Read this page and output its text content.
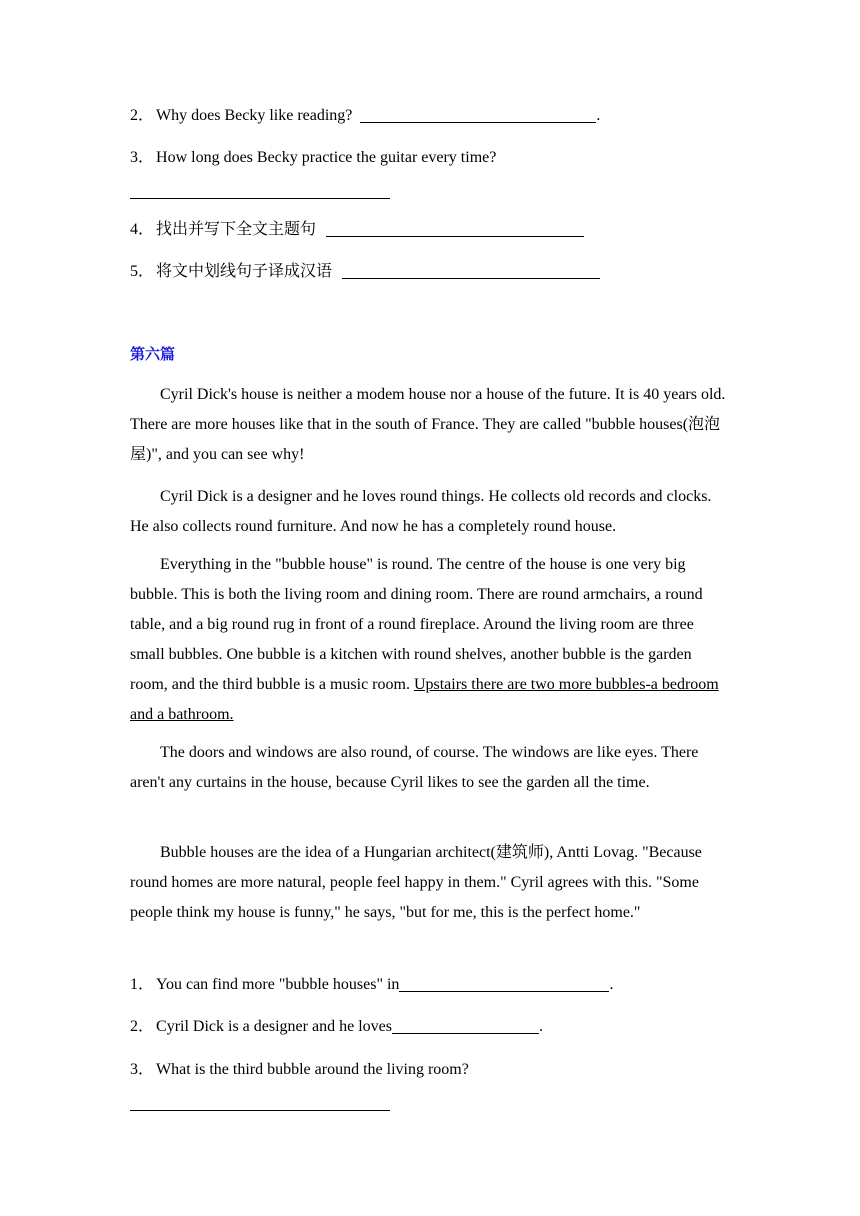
2． Why does Becky like reading?	.
3． How long does Becky practice the guitar every time?
4． 找出并写下全文主题句
5． 将文中划线句子译成汉语
第六篇

Cyril Dick's house is neither a modem house nor a house of the future. It is 40 years old. There are more houses like that in the south of France. They are called "bubble houses(泡泡屋)", and you can see why!

Cyril Dick is a designer and he loves round things. He collects old records and clocks. He also collects round furniture. And now he has a completely round house.

Everything in the "bubble house" is round. The centre of the house is one very big bubble. This is both the living room and dining room. There are round armchairs, a round table, and a big round rug in front of a round fireplace. Around the living room are three small bubbles. One bubble is a kitchen with round shelves, another bubble is the garden room, and the third bubble is a music room. Upstairs there are two more bubbles-a bedroom and a bathroom.

The doors and windows are also round, of course. The windows are like eyes. There aren't any curtains in the house, because Cyril likes to see the garden all the time.

Bubble houses are the idea of a Hungarian architect(建筑师), Antti Lovag. "Because round homes are more natural, people feel happy in them." Cyril agrees with this. "Some people think my house is funny," he says, "but for me, this is the perfect home."

1． You can find more "bubble houses" in	.
2． Cyril Dick is a designer and he loves	.
3． What is the third bubble around the living room?
